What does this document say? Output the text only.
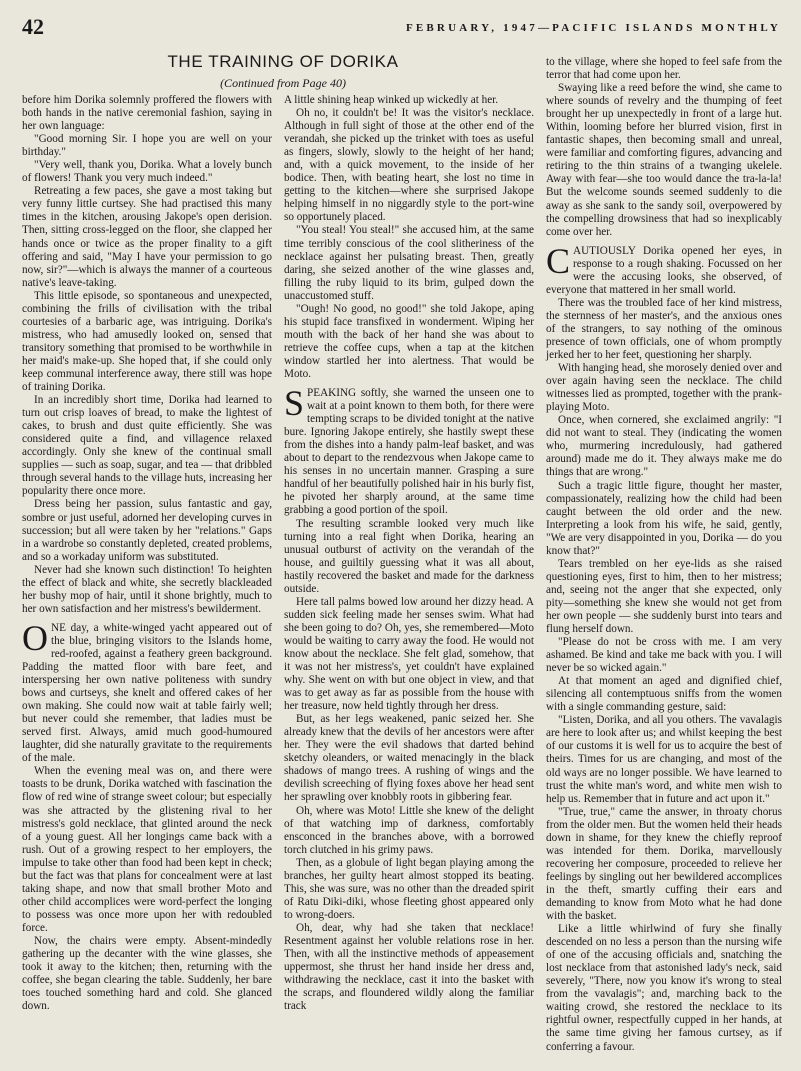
42	FEBRUARY, 1947—PACIFIC ISLANDS MONTHLY
THE TRAINING OF DORIKA
(Continued from Page 40)

before him Dorika solemnly proffered the flowers with both hands in the native ceremonial fashion, saying in her own language:

"Good morning Sir. I hope you are well on your birthday."

"Very well, thank you, Dorika. What a lovely bunch of flowers! Thank you very much indeed."

Retreating a few paces, she gave a most taking but very funny little curtsey. She had practised this many times in the kitchen, arousing Jakope's open derision. Then, sitting cross-legged on the floor, she clapped her hands once or twice as the proper finality to a gift offering and said, "May I have your permission to go now, sir?"—which is always the manner of a courteous native's leave-taking.

This little episode, so spontaneous and unexpected, combining the frills of civilisation with the tribal courtesies of a barbaric age, was intriguing. Dorika's mistress, who had amusedly looked on, sensed that transitory something that promised to be worthwhile in her maid's make-up. She hoped that, if she could only keep communal interference away, there still was hope of training Dorika.

In an incredibly short time, Dorika had learned to turn out crisp loaves of bread, to make the lightest of cakes, to brush and dust quite efficiently. She was considered quite a find, and villagence relaxed accordingly. Only she knew of the continual small supplies — such as soap, sugar, and tea — that dribbled through several hands to the village huts, increasing her popularity there once more.

Dress being her passion, sulus fantastic and gay, sombre or just useful, adorned her developing curves in succession; but all were taken by her "relations." Gaps in a wardrobe so constantly depleted, created problems, and so a workaday uniform was substituted.

Never had she known such distinction! To heighten the effect of black and white, she secretly blackleaded her bushy mop of hair, until it shone brightly, much to her own satisfaction and her mistress's bewilderment.

ONE day, a white-winged yacht appeared out of the blue, bringing visitors to the Islands home, red-roofed, against a feathery green background. Padding the matted floor with bare feet, and interspersing her own native politeness with sundry bows and curtseys, she knelt and offered cakes of her own making. She could now wait at table fairly well; but never could she remember, that ladies must be served first. Always, amid much good-humoured laughter, did she naturally gravitate to the requirements of the male.

When the evening meal was on, and there were toasts to be drunk, Dorika watched with fascination the flow of red wine of strange sweet colour; but especially was she attracted by the glistening rival to her mistress's gold necklace, that glinted around the neck of a young guest. All her longings came back with a rush. Out of a growing respect to her employers, the impulse to take other than food had been kept in check; but the fact was that plans for concealment were at last taking shape, and now that small brother Moto and other child accomplices were word-perfect the longing to possess was once more upon her with redoubled force.

Now, the chairs were empty. Absent-mindedly gathering up the decanter with the wine glasses, she took it away to the kitchen; then, returning with the coffee, she began clearing the table. Suddenly, her bare toes touched something hard and cold. She glanced down.

A little shining heap winked up wickedly at her.

Oh no, it couldn't be! It was the visitor's necklace. Although in full sight of those at the other end of the verandah, she picked up the trinket with toes as useful as fingers, slowly, slowly to the height of her hand; and, with a quick movement, to the inside of her bodice. Then, with beating heart, she lost no time in getting to the kitchen—where she surprised Jakope helping himself in no niggardly style to the port-wine so opportunely placed.

"You steal! You steal!" she accused him, at the same time terribly conscious of the cool slitheriness of the necklace against her pulsating breast. Then, greatly daring, she seized another of the wine glasses and, filling the ruby liquid to its brim, gulped down the unaccustomed stuff.

"Ough! No good, no good!" she told Jakope, aping his stupid face transfixed in wonderment. Wiping her mouth with the back of her hand she was about to retrieve the coffee cups, when a tap at the kitchen window startled her into alertness. That would be Moto.

SPEAKING softly, she warned the unseen one to wait at a point known to them both, for there were tempting scraps to be divided tonight at the native bure. Ignoring Jakope entirely, she hastily swept these from the dishes into a handy palm-leaf basket, and was about to depart to the rendezvous when Jakope came to his senses in no uncertain manner. Grasping a sure handful of her beautifully polished hair in his burly fist, he pivoted her sharply around, at the same time grabbing a good portion of the spoil.

The resulting scramble looked very much like turning into a real fight when Dorika, hearing an unusual outburst of activity on the verandah of the house, and guiltily guessing what it was all about, hastily recovered the basket and made for the darkness outside.

Here tall palms bowed low around her dizzy head. A sudden sick feeling made her senses swim. What had she been going to do? Oh, yes, she remembered—Moto would be waiting to carry away the food. He would not know about the necklace. She felt glad, somehow, that it was not her mistress's, yet couldn't have explained why. She went on with but one object in view, and that was to get away as far as possible from the house with her treasure, now held tightly through her dress.

But, as her legs weakened, panic seized her. She already knew that the devils of her ancestors were after her. They were the evil shadows that darted behind sketchy oleanders, or waited menacingly in the black shadows of mango trees. A rushing of wings and the devilish screeching of flying foxes above her head sent her sprawling over knobbly roots in gibbering fear.

Oh, where was Moto! Little she knew of the delight of that watching imp of darkness, comfortably ensconced in the branches above, with a borrowed torch clutched in his grimy paws.

Then, as a globule of light began playing among the branches, her guilty heart almost stopped its beating. This, she was sure, was no other than the dreaded spirit of Ratu Diki-diki, whose fleeting ghost appeared only to wrong-doers.

Oh, dear, why had she taken that necklace! Resentment against her voluble relations rose in her. Then, with all the instinctive methods of appeasement uppermost, she thrust her hand inside her dress and, withdrawing the necklace, cast it into the basket with the scraps, and floundered wildly along the familiar track

to the village, where she hoped to feel safe from the terror that had come upon her.

Swaying like a reed before the wind, she came to where sounds of revelry and the thumping of feet brought her up unexpectedly in front of a large hut. Within, looming before her blurred vision, first in fantastic shapes, then becoming small and unreal, were familiar and comforting figures, advancing and retiring to the thin strains of a twanging ukelele. Away with fear—she too would dance the tra-la-la! But the welcome sounds seemed suddenly to die away as she sank to the sandy soil, overpowered by the compelling drowsiness that had so inexplicably come over her.

CAUTIOUSLY Dorika opened her eyes, in response to a rough shaking. Focussed on her were the accusing looks, she observed, of everyone that mattered in her small world.

There was the troubled face of her kind mistress, the sternness of her master's, and the anxious ones of the strangers, to say nothing of the ominous presence of town officials, one of whom promptly jerked her to her feet, questioning her sharply.

With hanging head, she morosely denied over and over again having seen the necklace. The child witnesses lied as prompted, together with the prank-playing Moto.

Once, when cornered, she exclaimed angrily: "I did not want to steal. They (indicating the women who, murmering incredulously, had gathered around) made me do it. They always make me do things that are wrong."

Such a tragic little figure, thought her master, compassionately, realizing how the child had been caught between the old order and the new. Interpreting a look from his wife, he said, gently, "We are very disappointed in you, Dorika — do you know that?"

Tears trembled on her eye-lids as she raised questioning eyes, first to him, then to her mistress; and, seeing not the anger that she expected, only pity—something she knew she would not get from her own people — she suddenly burst into tears and flung herself down.

"Please do not be cross with me. I am very ashamed. Be kind and take me back with you. I will never be so wicked again."

At that moment an aged and dignified chief, silencing all contemptuous sniffs from the women with a single commanding gesture, said:

"Listen, Dorika, and all you others. The vavalagis are here to look after us; and whilst keeping the best of our customs it is well for us to acquire the best of theirs. Times for us are changing, and most of the old ways are no longer possible. We have learned to trust the white man's word, and white men wish to help us. Remember that in future and act upon it."

"True, true," came the answer, in throaty chorus from the older men. But the women held their heads down in shame, for they knew the chiefly reproof was intended for them. Dorika, marvellously recovering her composure, proceeded to relieve her feelings by singling out her bewildered accomplices in the theft, smartly cuffing their ears and demanding to know from Moto what he had done with the basket.

Like a little whirlwind of fury she finally descended on no less a person than the nursing wife of one of the accusing officials and, snatching the lost necklace from that astonished lady's neck, said severely, "There, now you know it's wrong to steal from the vavalagis"; and, marching back to the waiting crowd, she restored the necklace to its rightful owner, respectfully cupped in her hands, at the same time giving her famous curtsey, as if conferring a favour.
